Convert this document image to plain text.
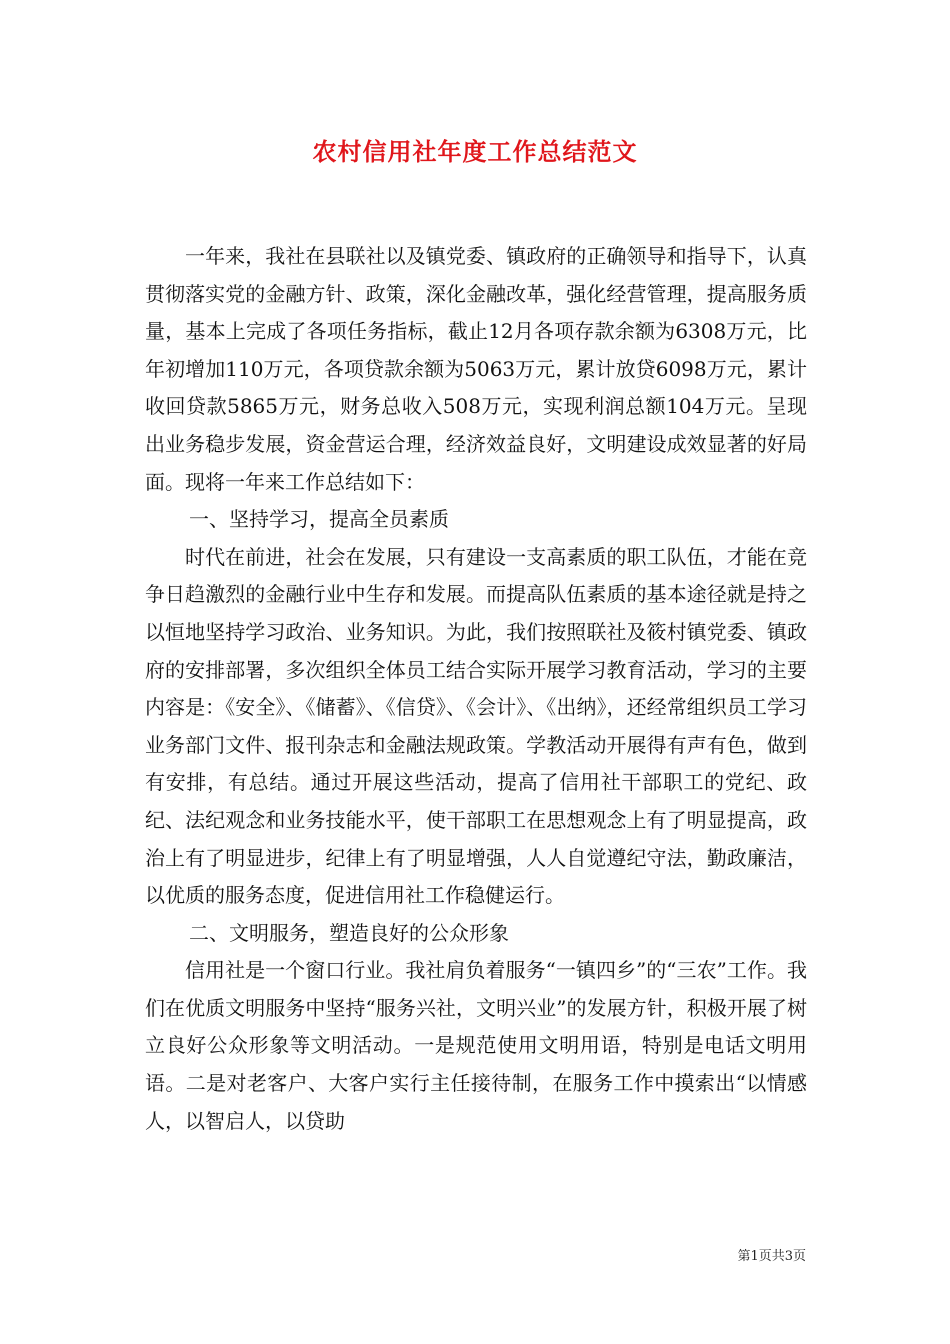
农村信用社年度工作总结范文

一年来，我社在县联社以及镇党委、镇政府的正确领导和指导下，认真贯彻落实党的金融方针、政策，深化金融改革，强化经营管理，提高服务质量，基本上完成了各项任务指标，截止12月各项存款余额为6308万元，比年初增加110万元，各项贷款余额为5063万元，累计放贷6098万元，累计收回贷款5865万元，财务总收入508万元，实现利润总额104万元。呈现出业务稳步发展，资金营运合理，经济效益良好，文明建设成效显著的好局面。现将一年来工作总结如下：

一、坚持学习，提高全员素质

时代在前进，社会在发展，只有建设一支高素质的职工队伍，才能在竞争日趋激烈的金融行业中生存和发展。而提高队伍素质的基本途径就是持之以恒地坚持学习政治、业务知识。为此，我们按照联社及筱村镇党委、镇政府的安排部署，多次组织全体员工结合实际开展学习教育活动，学习的主要内容是：《安全》、《储蓄》、《信贷》、《会计》、《出纳》，还经常组织员工学习业务部门文件、报刊杂志和金融法规政策。学教活动开展得有声有色，做到有安排，有总结。通过开展这些活动，提高了信用社干部职工的党纪、政纪、法纪观念和业务技能水平，使干部职工在思想观念上有了明显提高，政治上有了明显进步，纪律上有了明显增强，人人自觉遵纪守法，勤政廉洁，以优质的服务态度，促进信用社工作稳健运行。

二、文明服务，塑造良好的公众形象

信用社是一个窗口行业。我社肩负着服务“一镇四乡”的“三农”工作。我们在优质文明服务中坚持“服务兴社，文明兴业”的发展方针，积极开展了树立良好公众形象等文明活动。一是规范使用文明用语，特别是电话文明用语。二是对老客户、大客户实行主任接待制，在服务工作中摸索出“以情感人，以智启人，以贷助

第1页共3页
